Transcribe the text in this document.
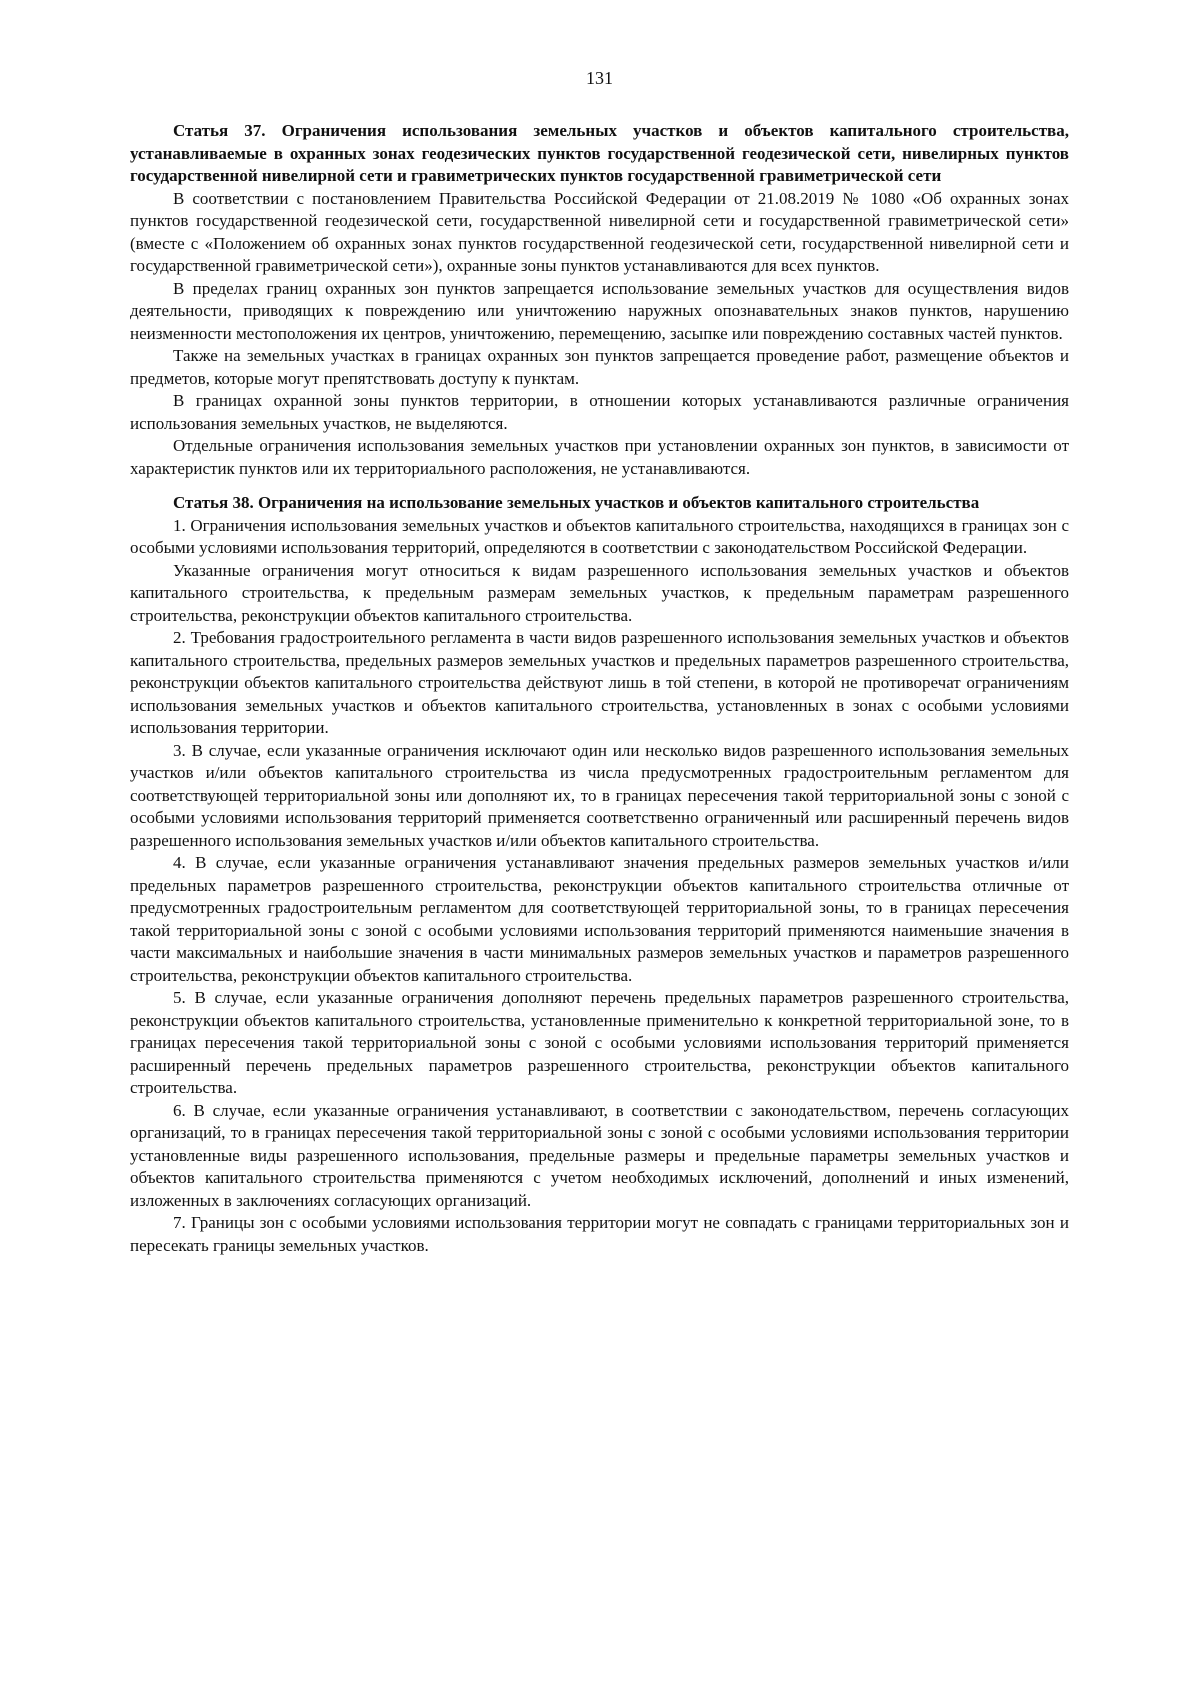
131

Статья 37. Ограничения использования земельных участков и объектов капитального строительства, устанавливаемые в охранных зонах геодезических пунктов государственной геодезической сети, нивелирных пунктов государственной нивелирной сети и гравиметрических пунктов государственной гравиметрической сети

В соответствии с постановлением Правительства Российской Федерации от 21.08.2019 № 1080 «Об охранных зонах пунктов государственной геодезической сети, государственной нивелирной сети и государственной гравиметрической сети» (вместе с «Положением об охранных зонах пунктов государственной геодезической сети, государственной нивелирной сети и государственной гравиметрической сети»), охранные зоны пунктов устанавливаются для всех пунктов.

В пределах границ охранных зон пунктов запрещается использование земельных участков для осуществления видов деятельности, приводящих к повреждению или уничтожению наружных опознавательных знаков пунктов, нарушению неизменности местоположения их центров, уничтожению, перемещению, засыпке или повреждению составных частей пунктов.

Также на земельных участках в границах охранных зон пунктов запрещается проведение работ, размещение объектов и предметов, которые могут препятствовать доступу к пунктам.

В границах охранной зоны пунктов территории, в отношении которых устанавливаются различные ограничения использования земельных участков, не выделяются.

Отдельные ограничения использования земельных участков при установлении охранных зон пунктов, в зависимости от характеристик пунктов или их территориального расположения, не устанавливаются.

Статья 38. Ограничения на использование земельных участков и объектов капитального строительства

1. Ограничения использования земельных участков и объектов капитального строительства, находящихся в границах зон с особыми условиями использования территорий, определяются в соответствии с законодательством Российской Федерации.

Указанные ограничения могут относиться к видам разрешенного использования земельных участков и объектов капитального строительства, к предельным размерам земельных участков, к предельным параметрам разрешенного строительства, реконструкции объектов капитального строительства.

2. Требования градостроительного регламента в части видов разрешенного использования земельных участков и объектов капитального строительства, предельных размеров земельных участков и предельных параметров разрешенного строительства, реконструкции объектов капитального строительства действуют лишь в той степени, в которой не противоречат ограничениям использования земельных участков и объектов капитального строительства, установленных в зонах с особыми условиями использования территории.

3. В случае, если указанные ограничения исключают один или несколько видов разрешенного использования земельных участков и/или объектов капитального строительства из числа предусмотренных градостроительным регламентом для соответствующей территориальной зоны или дополняют их, то в границах пересечения такой территориальной зоны с зоной с особыми условиями использования территорий применяется соответственно ограниченный или расширенный перечень видов разрешенного использования земельных участков и/или объектов капитального строительства.

4. В случае, если указанные ограничения устанавливают значения предельных размеров земельных участков и/или предельных параметров разрешенного строительства, реконструкции объектов капитального строительства отличные от предусмотренных градостроительным регламентом для соответствующей территориальной зоны, то в границах пересечения такой территориальной зоны с зоной с особыми условиями использования территорий применяются наименьшие значения в части максимальных и наибольшие значения в части минимальных размеров земельных участков и параметров разрешенного строительства, реконструкции объектов капитального строительства.

5. В случае, если указанные ограничения дополняют перечень предельных параметров разрешенного строительства, реконструкции объектов капитального строительства, установленные применительно к конкретной территориальной зоне, то в границах пересечения такой территориальной зоны с зоной с особыми условиями использования территорий применяется расширенный перечень предельных параметров разрешенного строительства, реконструкции объектов капитального строительства.

6. В случае, если указанные ограничения устанавливают, в соответствии с законодательством, перечень согласующих организаций, то в границах пересечения такой территориальной зоны с зоной с особыми условиями использования территории установленные виды разрешенного использования, предельные размеры и предельные параметры земельных участков и объектов капитального строительства применяются с учетом необходимых исключений, дополнений и иных изменений, изложенных в заключениях согласующих организаций.

7. Границы зон с особыми условиями использования территории могут не совпадать с границами территориальных зон и пересекать границы земельных участков.
